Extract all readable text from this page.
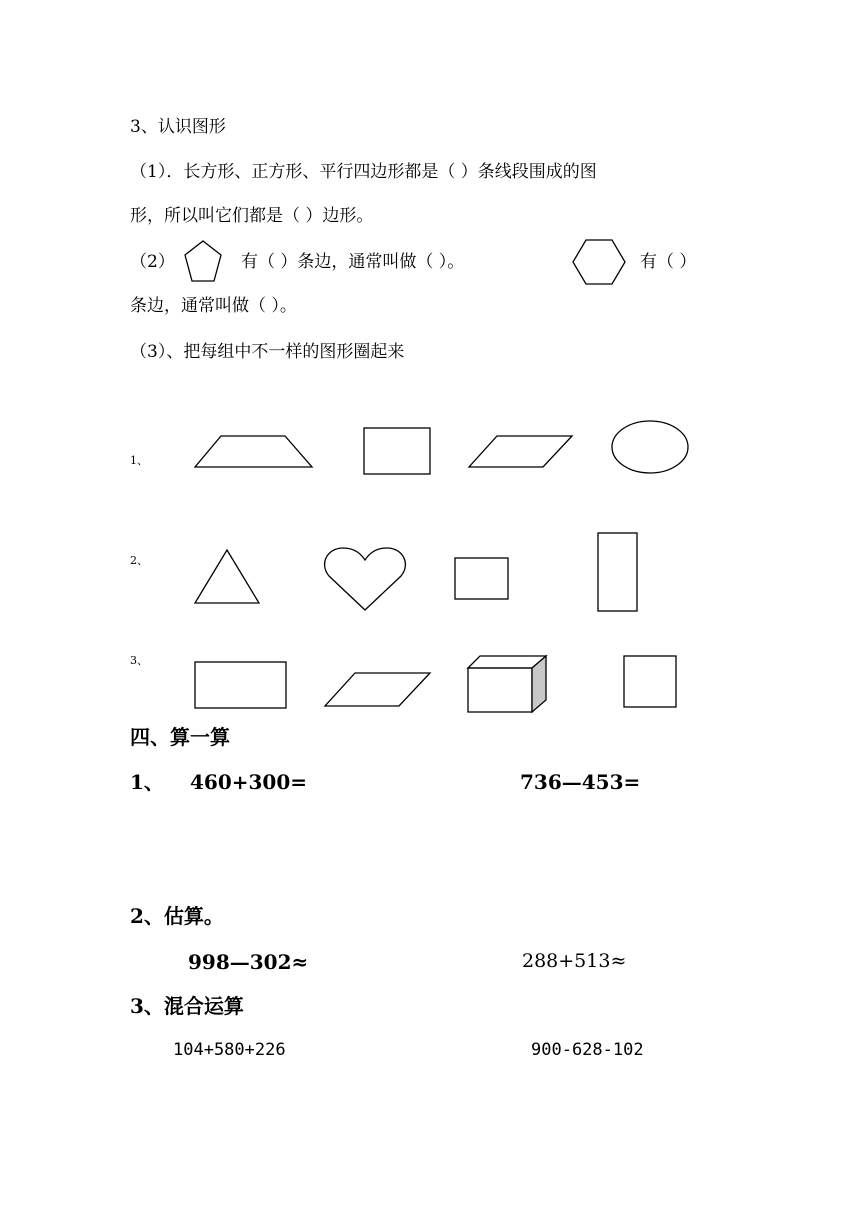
3、认识图形
（1）．长方形、正方形、平行四边形都是（ ）条线段围成的图
形，所以叫它们都是（ ）边形。
（2）	有（ ）条边，通常叫做（ ）。	有（ ）
条边，通常叫做（ ）。
（3）、把每组中不一样的图形圈起来
1、
2、
3、
四、算一算
1、 460+300=	736—453=
2、估算。
998—302≈	288+513≈
3、混合运算
104+580+226	900-628-102
